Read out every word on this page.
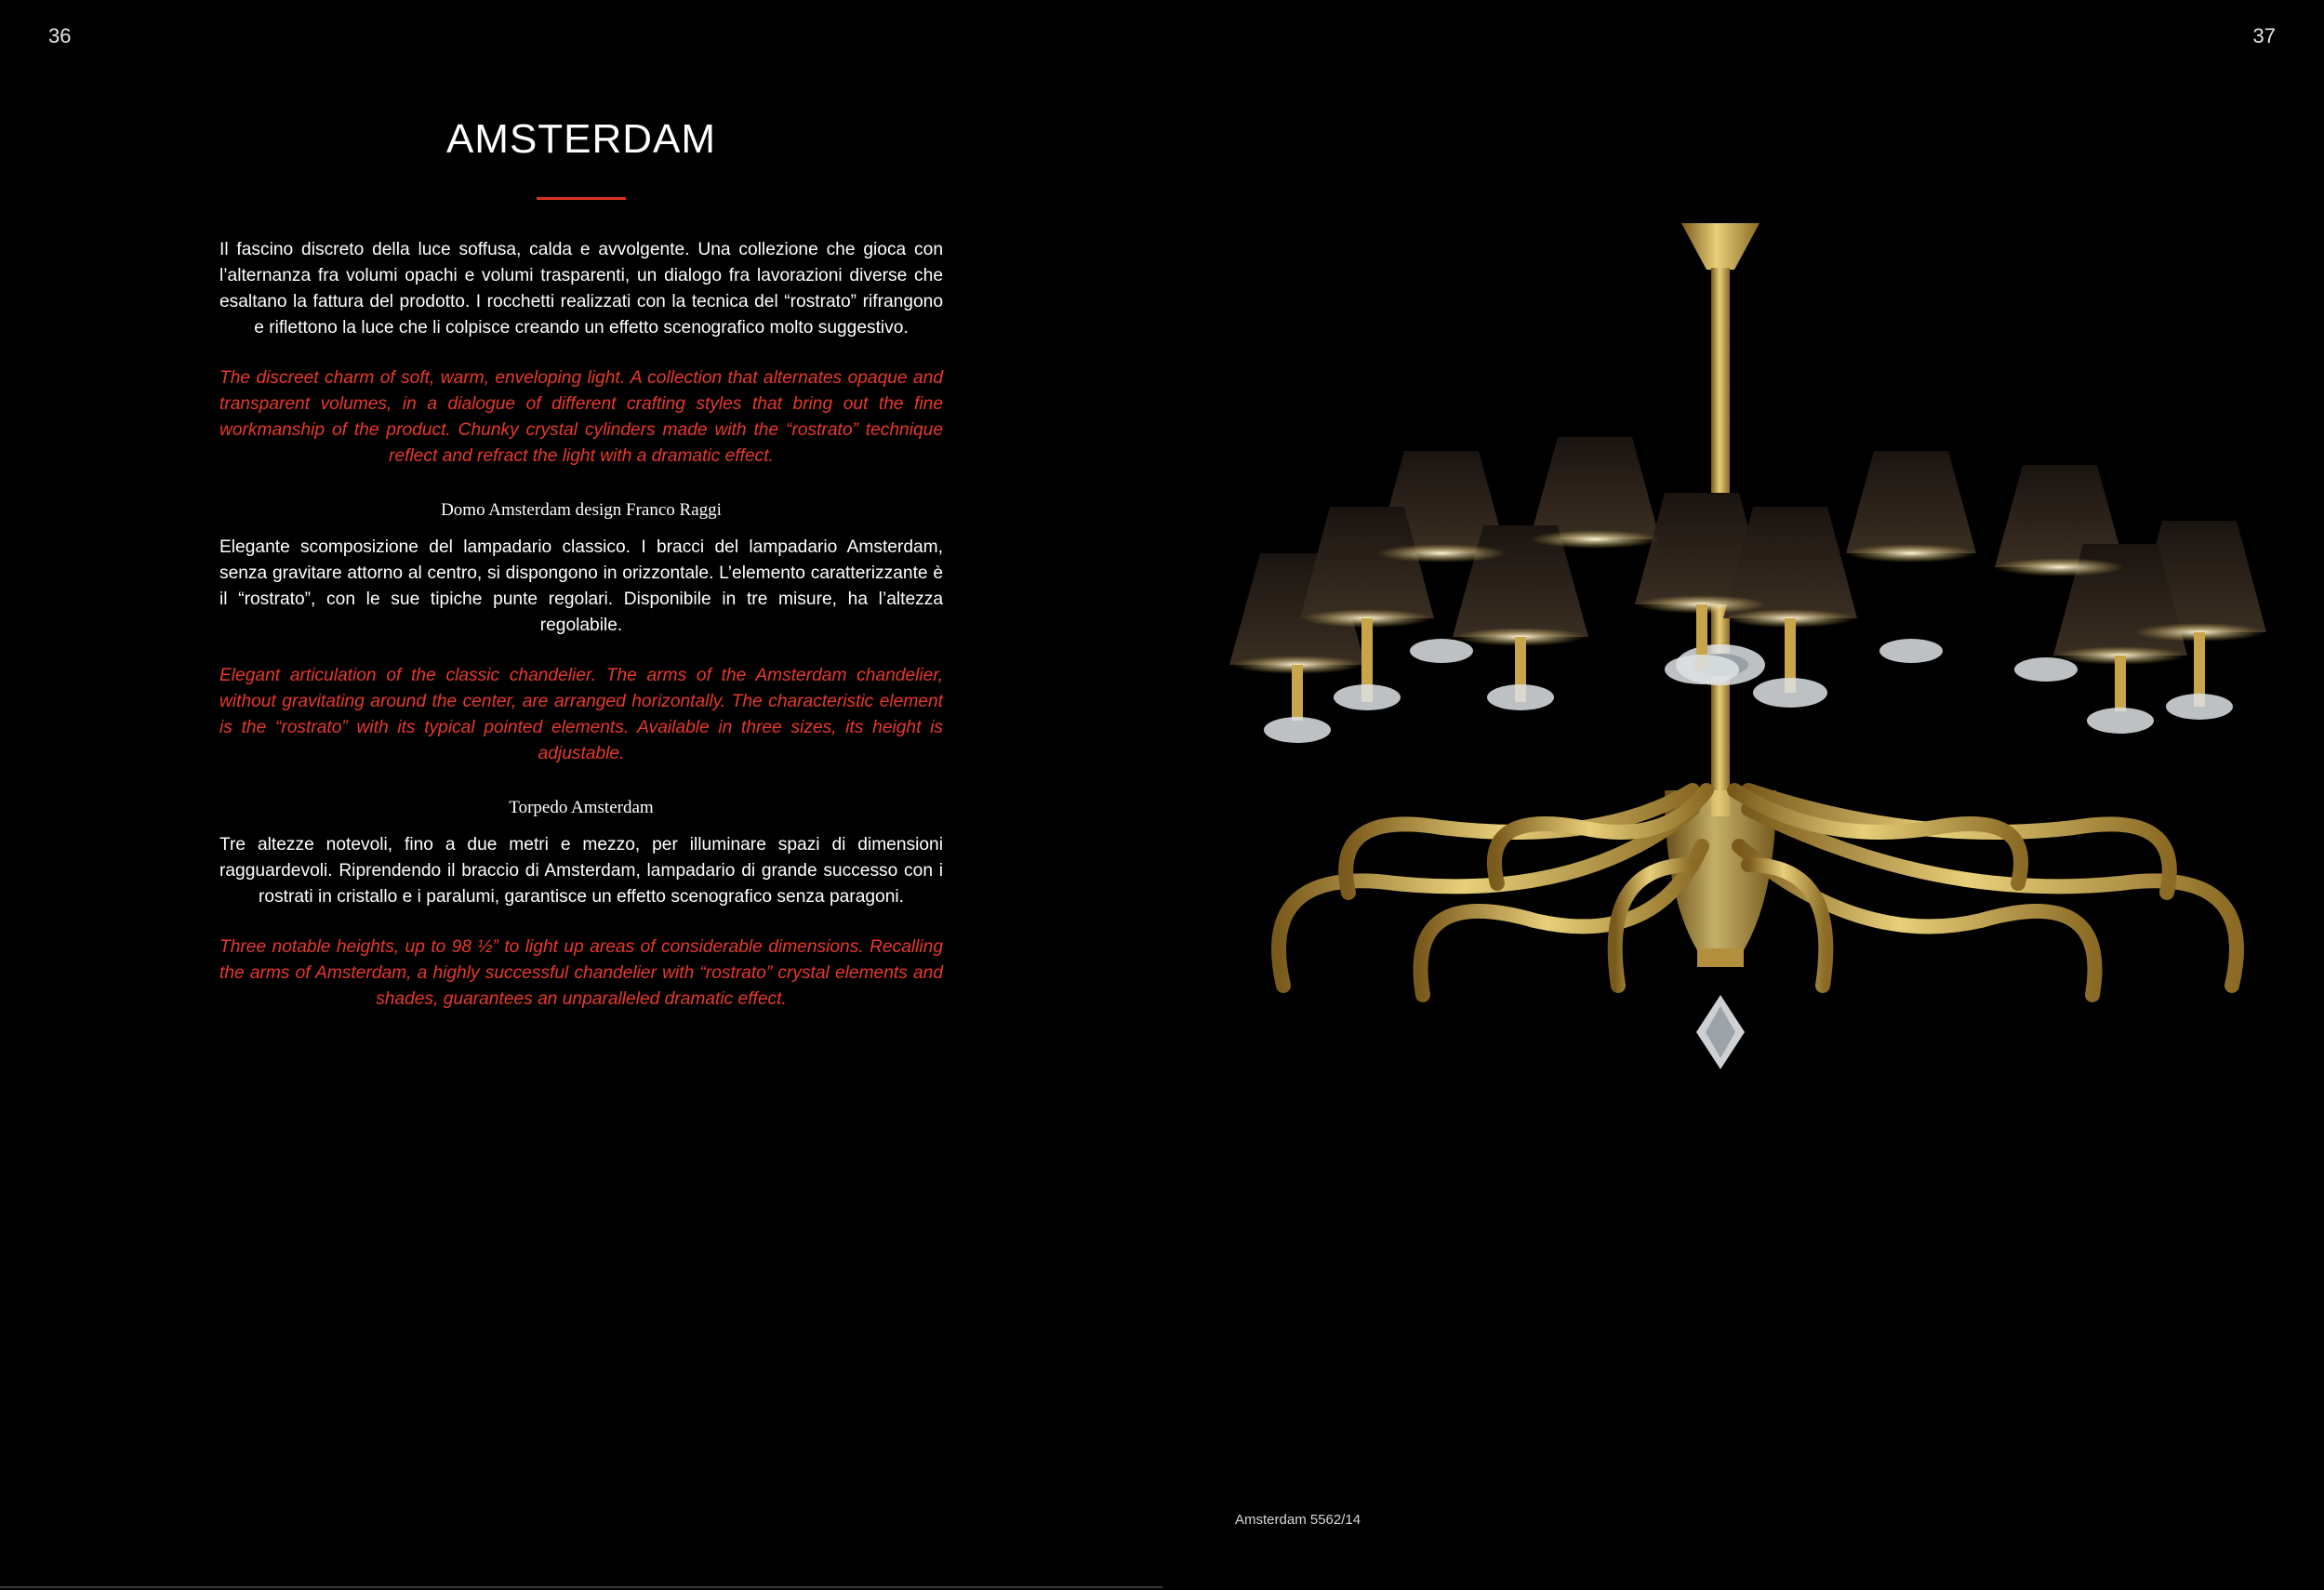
36	37
AMSTERDAM

Il fascino discreto della luce soffusa, calda e avvolgente. Una collezione che gioca con l’alternanza fra volumi opachi e volumi trasparenti, un dialogo fra lavorazioni diverse che esaltano la fattura del prodotto. I rocchetti realizzati con la tecnica del “rostrato” rifrangono e riflettono la luce che li colpisce creando un effetto scenografico molto suggestivo.

The discreet charm of soft, warm, enveloping light. A collection that alternates opaque and transparent volumes, in a dialogue of different crafting styles that bring out the fine workmanship of the product. Chunky crystal cylinders made with the “rostrato” technique reflect and refract the light with a dramatic effect.

Domo Amsterdam design Franco Raggi

Elegante scomposizione del lampadario classico. I bracci del lampadario Amsterdam, senza gravitare attorno al centro, si dispongono in orizzontale. L’elemento caratterizzante è il “rostrato”, con le sue tipiche punte regolari. Disponibile in tre misure, ha l’altezza regolabile.

Elegant articulation of the classic chandelier. The arms of the Amsterdam chandelier, without gravitating around the center, are arranged horizontally. The characteristic element is the “rostrato” with its typical pointed elements. Available in three sizes, its height is adjustable.

Torpedo Amsterdam

Tre altezze notevoli, fino a due metri e mezzo, per illuminare spazi di dimensioni ragguardevoli. Riprendendo il braccio di Amsterdam, lampadario di grande successo con i rostrati in cristallo e i paralumi, garantisce un effetto scenografico senza paragoni.

Three notable heights, up to 98 ½” to light up areas of considerable dimensions. Recalling the arms of Amsterdam, a highly successful chandelier with “rostrato” crystal elements and shades, guarantees an unparalleled dramatic effect.

Amsterdam 5562/14
